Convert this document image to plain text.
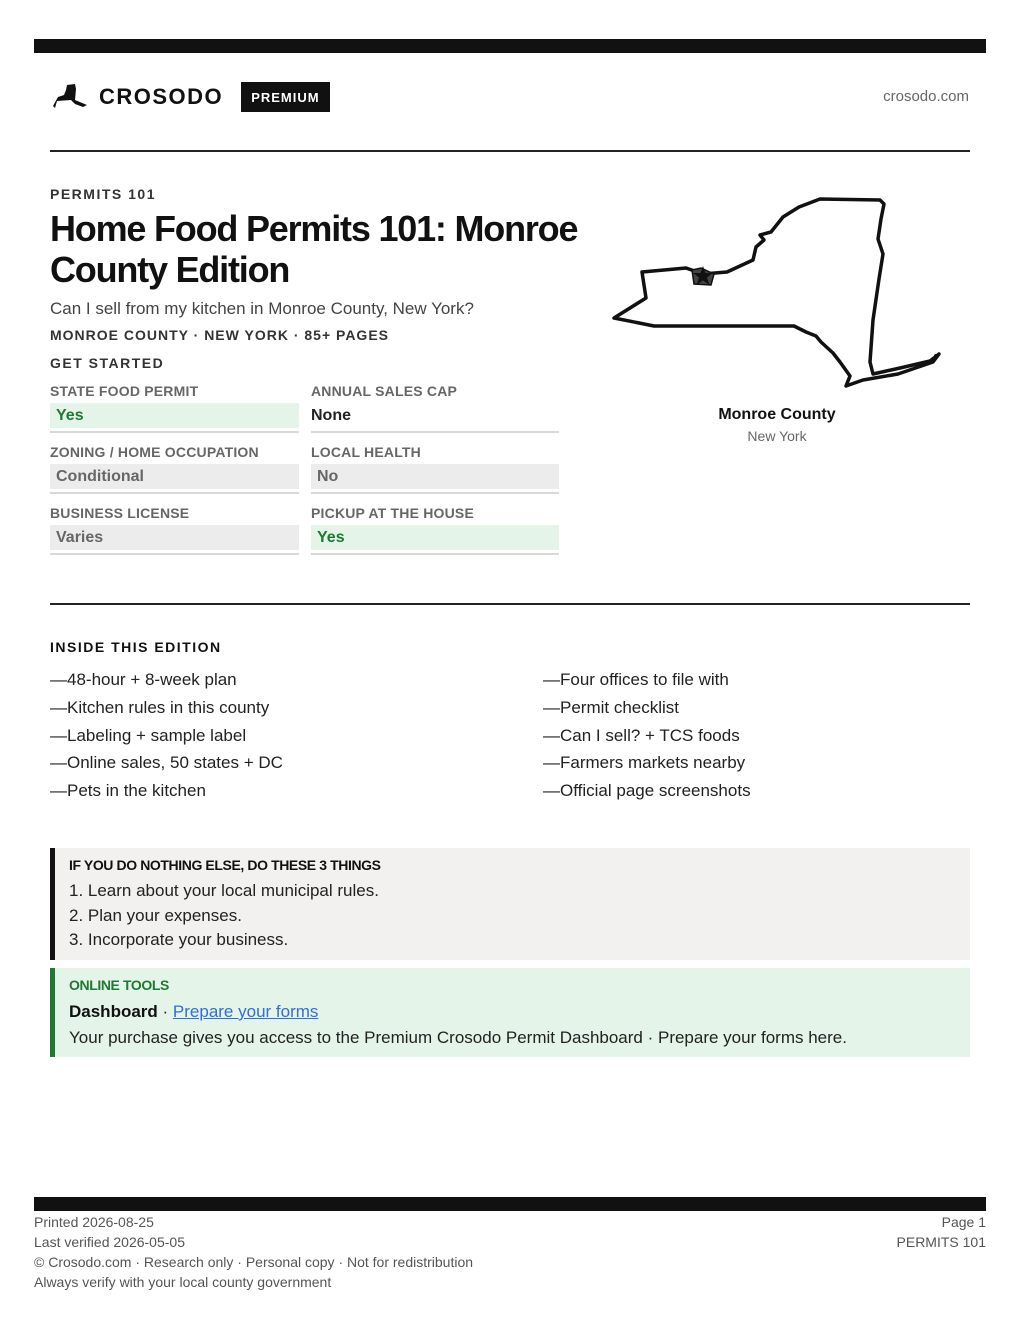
CROSODO	PREMIUM	crosodo.com
PERMITS 101
Home Food Permits 101: Monroe County Edition
Can I sell from my kitchen in Monroe County, New York?
MONROE COUNTY · NEW YORK · 85+ PAGES
GET STARTED
STATE FOOD PERMIT
Yes
ANNUAL SALES CAP
None
ZONING / HOME OCCUPATION
Conditional
LOCAL HEALTH
No
BUSINESS LICENSE
Varies
PICKUP AT THE HOUSE
Yes
Monroe County
New York
INSIDE THIS EDITION
—48-hour + 8-week plan
—Kitchen rules in this county
—Labeling + sample label
—Online sales, 50 states + DC
—Pets in the kitchen
—Four offices to file with
—Permit checklist
—Can I sell? + TCS foods
—Farmers markets nearby
—Official page screenshots
IF YOU DO NOTHING ELSE, DO THESE 3 THINGS
1. Learn about your local municipal rules.
2. Plan your expenses.
3. Incorporate your business.
ONLINE TOOLS
Dashboard · Prepare your forms
Your purchase gives you access to the Premium Crosodo Permit Dashboard · Prepare your forms here.
Printed 2026-08-25
Last verified 2026-05-05
© Crosodo.com · Research only · Personal copy · Not for redistribution
Always verify with your local county government
Page 1
PERMITS 101
